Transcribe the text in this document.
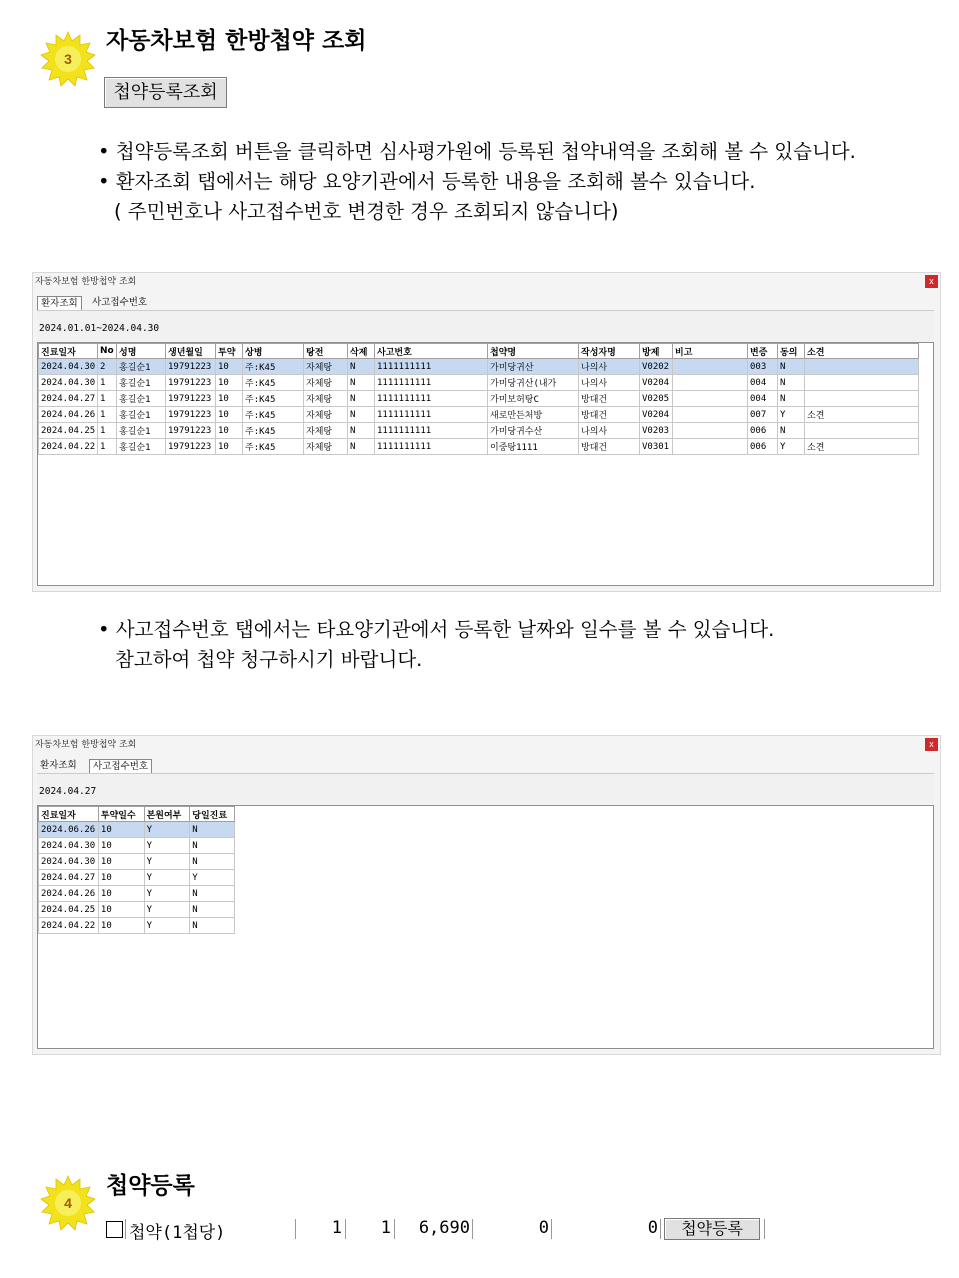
3
자동차보험 한방첩약 조회
첩약등록조회
• 첩약등록조회 버튼을 클릭하면 심사평가원에 등록된 첩약내역을 조회해 볼 수 있습니다.
• 환자조회 탭에서는 해당 요양기관에서 등록한 내용을 조회해 볼수 있습니다.
( 주민번호나 사고접수번호 변경한 경우 조회되지 않습니다)
자동차보험 한방첩약 조회	x
환자조회	사고접수번호
2024.01.01~2024.04.30
진료일자	No	성명	생년월일	투약	상병	탕전	삭제	사고번호	첩약명	작성자명	방제	비고	변증	동의	소견
2024.04.30	2	홍길순1	19791223	10	주:K45	자체탕	N	1111111111	가미당귀산	나의사	V0202		003	N	
2024.04.30	1	홍길순1	19791223	10	주:K45	자체탕	N	1111111111	가미당귀산(내가	나의사	V0204		004	N	
2024.04.27	1	홍길순1	19791223	10	주:K45	자체탕	N	1111111111	가미보허탕C	방대건	V0205		004	N	
2024.04.26	1	홍길순1	19791223	10	주:K45	자체탕	N	1111111111	새로만든처방	방대건	V0204		007	Y	소견
2024.04.25	1	홍길순1	19791223	10	주:K45	자체탕	N	1111111111	가미당귀수산	나의사	V0203		006	N	
2024.04.22	1	홍길순1	19791223	10	주:K45	자체탕	N	1111111111	이중탕1111	방대건	V0301		006	Y	소견
• 사고접수번호 탭에서는 타요양기관에서 등록한 날짜와 일수를 볼 수 있습니다.
참고하여 첩약 청구하시기 바랍니다.
자동차보험 한방첩약 조회	x
환자조회	사고접수번호
2024.04.27
진료일자	투약일수	본원여부	당일진료
2024.06.26	10	Y	N
2024.04.30	10	Y	N
2024.04.30	10	Y	N
2024.04.27	10	Y	Y
2024.04.26	10	Y	N
2024.04.25	10	Y	N
2024.04.22	10	Y	N
4
첩약등록
첩약(1첩당)	1	1	6,690	0	0	첩약등록
